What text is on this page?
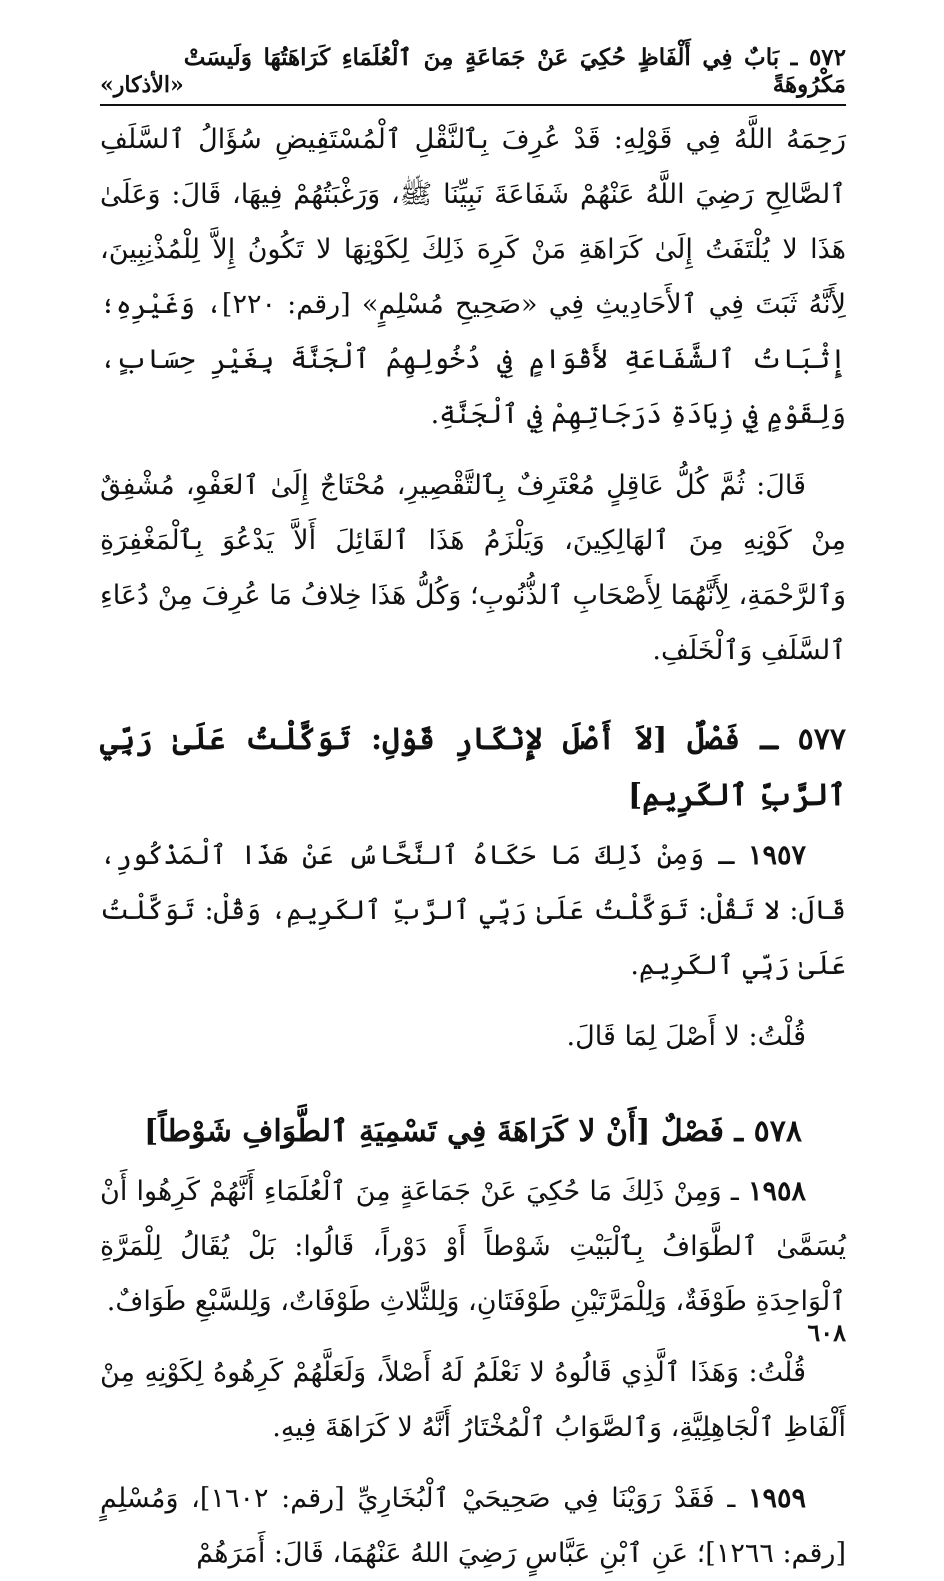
٥٧٢ ـ بَابٌ فِي أَلْفَاظٍ حُكِيَ عَنْ جَمَاعَةٍ مِنَ ٱلْعُلَمَاءِ كَرَاهَتُهَا وَلَيسَتْ مَكْرُوهَةً
«الأذكار»

رَحِمَهُ اللَّهُ فِي قَوْلِهِ: قَدْ عُرِفَ بِٱلنَّقْلِ ٱلْمُسْتَفِيضِ سُؤَالُ ٱلسَّلَفِ ٱلصَّالِحِ رَضِيَ اللَّهُ عَنْهُمْ شَفَاعَةَ نَبِيِّنَا ﷺ، وَرَغْبَتُهُمْ فِيهَا، قَالَ: وَعَلَىٰ هَذَا لا يُلْتَفَتُ إِلَىٰ كَرَاهَةِ مَنْ كَرِهَ ذَلِكَ لِكَوْنِهَا لا تَكُونُ إِلاَّ لِلْمُذْنِبِينَ، لِأَنَّهُ ثَبَتَ فِي ٱلأَحَادِيثِ فِي «صَحِيحِ مُسْلِمٍ» [رقم: ٢٢٠]، وَغَيْرِهِ؛ إِثْبَاتُ ٱلشَّفَاعَةِ لأَقْوَامٍ فِي دُخُولِهِمُ ٱلْجَنَّةَ بِغَيْرِ حِسَابٍ، وَلِقَوْمٍ فِي زِيَادَةِ دَرَجَاتِهِمْ فِي ٱلْجَنَّةِ.

قَالَ: ثُمَّ كُلُّ عَاقِلٍ مُعْتَرِفٌ بِٱلتَّقْصِيرِ، مُحْتَاجٌ إِلَىٰ ٱلعَفْوِ، مُشْفِقٌ مِنْ كَوْنِهِ مِنَ ٱلهَالِكِينَ، وَيَلْزَمُ هَذَا ٱلقَائِلَ أَلاَّ يَدْعُوَ بِٱلْمَغْفِرَةِ وَٱلرَّحْمَةِ، لِأَنَّهُمَا لِأَصْحَابِ ٱلذُّنُوبِ؛ وَكُلُّ هَذَا خِلافُ مَا عُرِفَ مِنْ دُعَاءِ ٱلسَّلَفِ وَٱلْخَلَفِ.

٥٧٧ ـ فَصْلٌ [لاَ أَصْلَ لإِنْكَارِ قَوْلِ: تَوَكَّلْتُ عَلَىٰ رَبِّي ٱلرَّبِّ ٱلكَرِيمِ]

١٩٥٧ ـ وَمِنْ ذَلِكَ مَا حَكَاهُ ٱلنَّحَّاسُ عَنْ هَذَا ٱلْمَذْكُورِ، قَالَ: لا تَقُلْ: تَوَكَّلْتُ عَلَىٰ رَبِّي ٱلرَّبِّ ٱلكَرِيمِ، وَقُلْ: تَوَكَّلْتُ عَلَىٰ رَبِّي ٱلكَرِيمِ.

قُلْتُ: لا أَصْلَ لِمَا قَالَ.

٥٧٨ ـ فَصْلٌ [أَنْ لا كَرَاهَةَ فِي تَسْمِيَةِ ٱلطَّوَافِ شَوْطاً]

١٩٥٨ ـ وَمِنْ ذَلِكَ مَا حُكِيَ عَنْ جَمَاعَةٍ مِنَ ٱلْعُلَمَاءِ أَنَّهُمْ كَرِهُوا أَنْ يُسَمَّىٰ ٱلطَّوَافُ بِٱلْبَيْتِ شَوْطاً أَوْ دَوْراً، قَالُوا: بَلْ يُقَالُ لِلْمَرَّةِ ٱلْوَاحِدَةِ طَوْفَةٌ، وَلِلْمَرَّتَيْنِ طَوْفَتَانِ، وَلِلثَّلاثِ طَوْفَاتٌ، وَلِلسَّبْعِ طَوَافٌ.

قُلْتُ: وَهَذَا ٱلَّذِي قَالُوهُ لا نَعْلَمُ لَهُ أَصْلاً، وَلَعَلَّهُمْ كَرِهُوهُ لِكَوْنِهِ مِنْ أَلْفَاظِ ٱلْجَاهِلِيَّةِ، وَٱلصَّوَابُ ٱلْمُخْتَارُ أَنَّهُ لا كَرَاهَةَ فِيهِ.

١٩٥٩ ـ فَقَدْ رَوَيْنَا فِي صَحِيحَيْ ٱلْبُخَارِيِّ [رقم: ١٦٠٢]، وَمُسْلِمٍ [رقم: ١٢٦٦]؛ عَنِ ٱبْنِ عَبَّاسٍ رَضِيَ اللهُ عَنْهُمَا، قَالَ: أَمَرَهُمْ

٦٠٨
